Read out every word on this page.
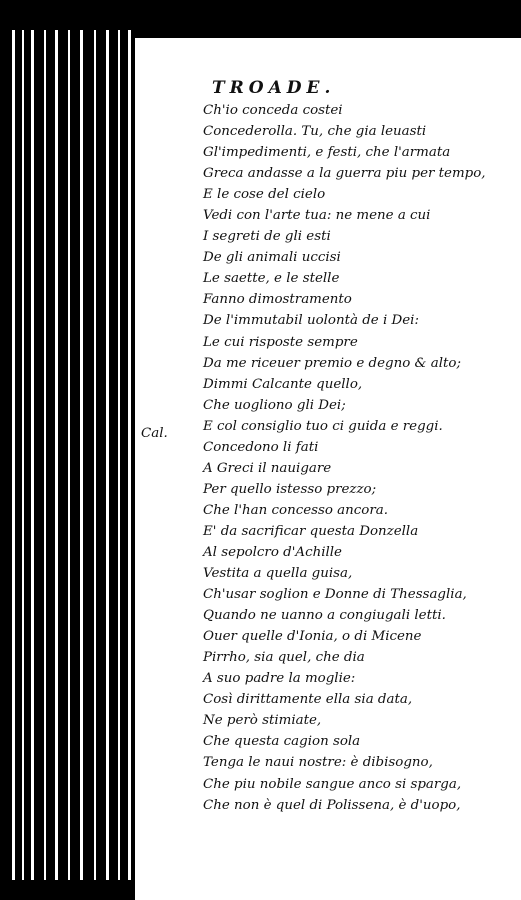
TROADE.
Cal.
Ch'io conceda costei
Concederolla. Tu, che gia leuasti
Gl'impedimenti, e festi, che l'armata
Greca andasse a la guerra piu per tempo,
E le cose del cielo
Vedi con l'arte tua: ne mene a cui
I segreti de gli esti
De gli animali uccisi
Le saette, e le stelle
Fanno dimostramento
De l'immutabil uolontà de i Dei:
Le cui risposte sempre
Da me riceuer premio e degno & alto;
Dimmi Calcante quello,
Che uogliono gli Dei;
E col consiglio tuo ci guida e reggi.
Concedono li fati
A Greci il nauigare
Per quello istesso prezzo;
Che l'han concesso ancora.
E' da sacrificar questa Donzella
Al sepolcro d'Achille
Vestita a quella guisa,
Ch'usar soglion e Donne di Thessaglia,
Quando ne uanno a congiugali letti.
Ouer quelle d'Ionia, o di Micene
Pirrho, sia quel, che dia
A suo padre la moglie:
Così dirittamente ella sia data,
Ne però stimiate,
Che questa cagion sola
Tenga le naui nostre: è dibisogno,
Che piu nobile sangue anco si sparga,
Che non è quel di Polissena, è d'uopo,
